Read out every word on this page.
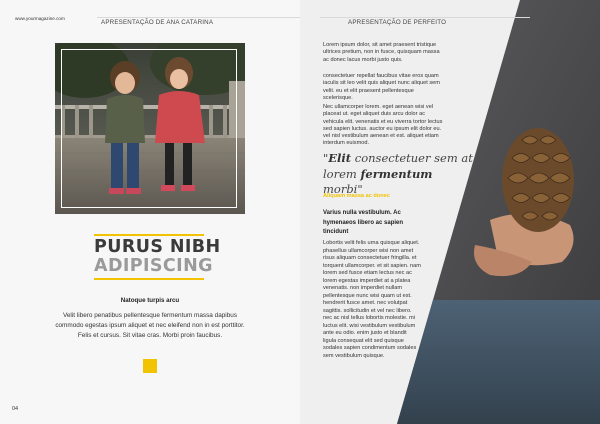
www.yourmagazine.com
APRESENTAÇÃO DE ANA CATARINA
PURUS NIBH
ADIPISCING
Natoque turpis arcu
Velit libero penatibus pellentesque fermentum massa dapibus commodo egestas ipsum aliquet et nec eleifend non in est porttitor. Felis et cursus. Sit vitae cras. Morbi proin faucibus.
04
APRESENTAÇÃO DE PERFEITO
Lorem ipsum dolor, sit amet praesent tristique ultrices pretium, non in fusce, quisquam massa ac donec lacus morbi justo quis.
consectetuer repellat faucibus vitae eros quam iaculis sit leo velit quis aliquet nunc aliquet sem velit. eu et elit praesent pellentesque scelerisque.
Nec ullamcorper lorem. eget aenean wisi vel placeat ut. eget aliquet duis arcu dolor ac vehicula elit. venenatis et eu viverra tortor lectus sed sapien luctus. auctor eu ipsum elit dolor eu. vel nisl vestibulum aenean et est. aliquet etiam interdum euismod.
"Elit consectetuer sem at lorem fermentum morbi"
Aliquam massa ac donec
Varius nulla vestibulum. Ac hymenaeos libero ac sapien tincidunt
Lobortis velit felis urna quisque aliquet. phasellus ullamcorper wisi non amet risus aliquam consectetuer fringilla. et torquent ullamcorper. et sit sapien. nam lorem sed fusce etiam lectus nec ac lorem egestas imperdiet at a platea venenatis. non imperdiet nullam pellentesque nunc wisi quam ut est. hendrerit fusce amet. nec volutpat sagittis. sollicitudin et vel nec libero. nec ac nisl tellus lobortis molestie. mi luctus elit. wisi vestibulum vestibulum ante eu odio. enim justo et blandit ligula consequat elit sed quisque sodales sapien condimentum sodales sem vestibulum quisque.
